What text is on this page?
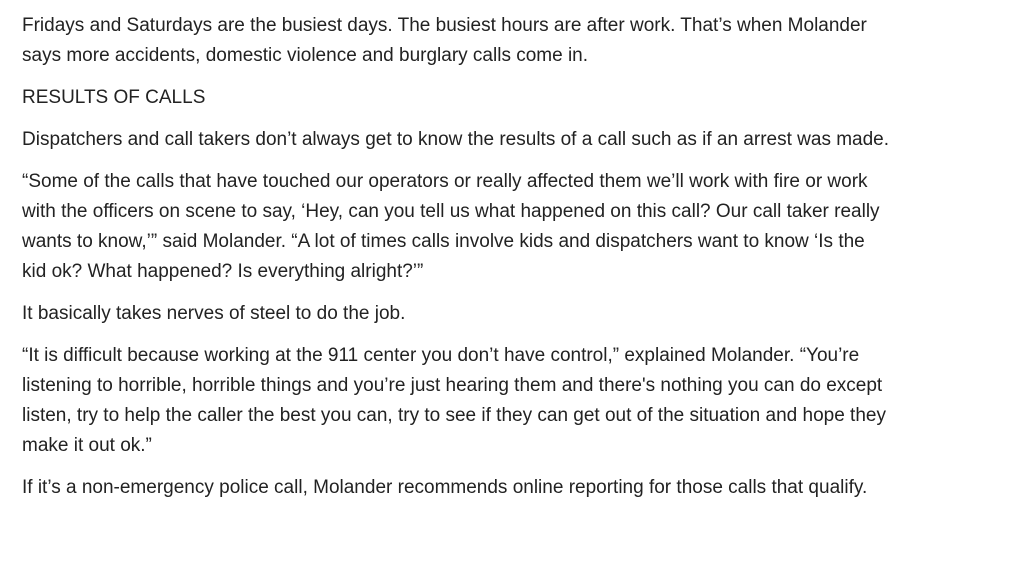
Fridays and Saturdays are the busiest days. The busiest hours are after work. That’s when Molander
says more accidents, domestic violence and burglary calls come in.

RESULTS OF CALLS

Dispatchers and call takers don’t always get to know the results of a call such as if an arrest was made.

“Some of the calls that have touched our operators or really affected them we’ll work with fire or work
with the officers on scene to say, ‘Hey, can you tell us what happened on this call? Our call taker really
wants to know,’” said Molander. “A lot of times calls involve kids and dispatchers want to know ‘Is the
kid ok? What happened? Is everything alright?’”

It basically takes nerves of steel to do the job.

“It is difficult because working at the 911 center you don’t have control,” explained Molander. “You’re
listening to horrible, horrible things and you’re just hearing them and there's nothing you can do except
listen, try to help the caller the best you can, try to see if they can get out of the situation and hope they
make it out ok.”

If it’s a non-emergency police call, Molander recommends online reporting for those calls that qualify.
